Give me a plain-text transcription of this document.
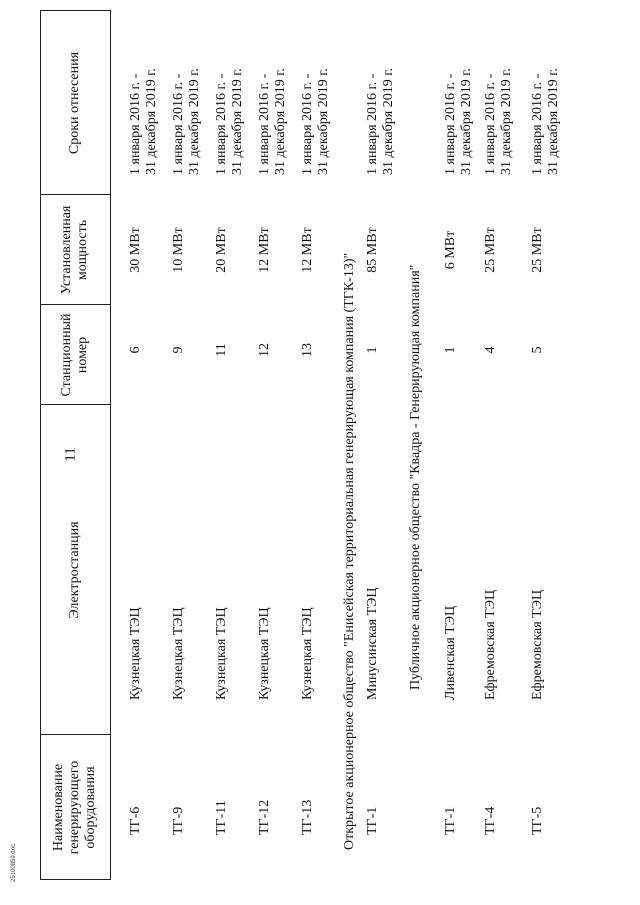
11
Наименование генерирующего оборудования
Электростанция
Станционный номер
Установленная мощность
Сроки отнесения
ТГ-6
Кузнецкая ТЭЦ
6
30 МВт
1 января 2016 г. -
31 декабря 2019 г.
ТГ-9
Кузнецкая ТЭЦ
9
10 МВт
1 января 2016 г. -
31 декабря 2019 г.
ТГ-11
Кузнецкая ТЭЦ
11
20 МВт
1 января 2016 г. -
31 декабря 2019 г.
ТГ-12
Кузнецкая ТЭЦ
12
12 МВт
1 января 2016 г. -
31 декабря 2019 г.
ТГ-13
Кузнецкая ТЭЦ
13
12 МВт
1 января 2016 г. -
31 декабря 2019 г.
Открытое акционерное общество "Енисейская территориальная генерирующая компания (ТГК-13)" ТГ-1
Минусинская ТЭЦ
1
85 МВт
1 января 2016 г. -
31 декабря 2019 г.
Публичное акционерное общество "Квадра - Генерирующая компания"
ТГ-1
Ливенская ТЭЦ
1
6 МВт
1 января 2016 г. -
31 декабря 2019 г.
ТГ-4
Ефремовская ТЭЦ
4
25 МВт
1 января 2016 г. -
31 декабря 2019 г.
ТГ-5
Ефремовская ТЭЦ
5
25 МВт
1 января 2016 г. -
31 декабря 2019 г.
25100859.doc
